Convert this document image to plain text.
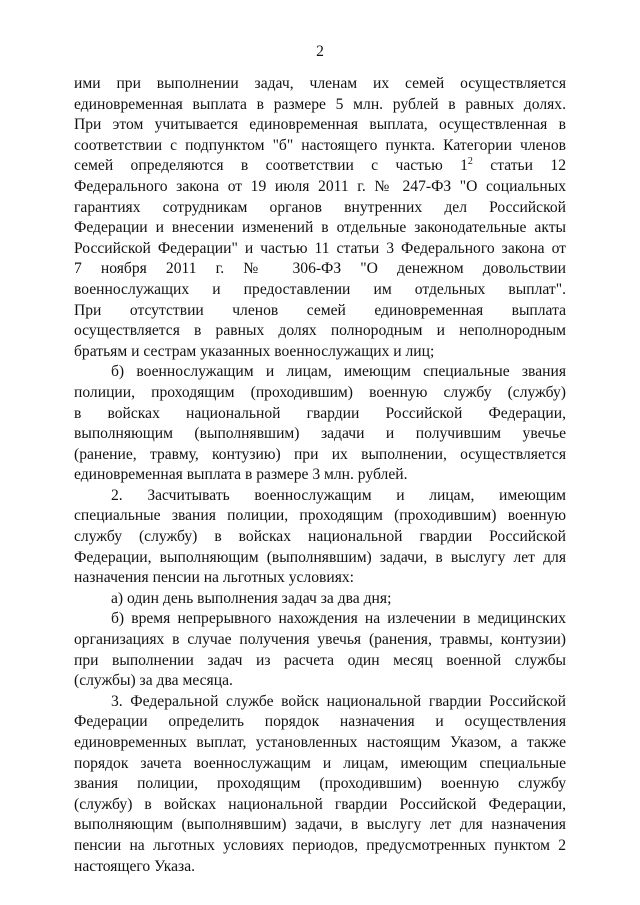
2
ими при выполнении задач, членам их семей осуществляется
единовременная выплата в размере 5 млн. рублей в равных долях.
При этом учитывается единовременная выплата, осуществленная в
соответствии с подпунктом "б" настоящего пункта. Категории членов
семей определяются в соответствии с частью $1^2$ статьи 12
Федерального закона от 19 июля 2011 г. № 247-ФЗ "О социальных
гарантиях сотрудникам органов внутренних дел Российской
Федерации и внесении изменений в отдельные законодательные акты
Российской Федерации" и частью 11 статьи 3 Федерального закона от
7 ноября 2011 г. № 306-ФЗ "О денежном довольствии
военнослужащих и предоставлении им отдельных выплат".
При отсутствии членов семей единовременная выплата
осуществляется в равных долях полнородным и неполнородным
братьям и сестрам указанных военнослужащих и лиц;
б) военнослужащим и лицам, имеющим специальные звания
полиции, проходящим (проходившим) военную службу (службу)
в войсках национальной гвардии Российской Федерации,
выполняющим (выполнявшим) задачи и получившим увечье
(ранение, травму, контузию) при их выполнении, осуществляется
единовременная выплата в размере 3 млн. рублей.
2. Засчитывать военнослужащим и лицам, имеющим
специальные звания полиции, проходящим (проходившим) военную
службу (службу) в войсках национальной гвардии Российской
Федерации, выполняющим (выполнявшим) задачи, в выслугу лет для
назначения пенсии на льготных условиях:
а) один день выполнения задач за два дня;
б) время непрерывного нахождения на излечении в медицинских
организациях в случае получения увечья (ранения, травмы, контузии)
при выполнении задач из расчета один месяц военной службы
(службы) за два месяца.
3. Федеральной службе войск национальной гвардии Российской
Федерации определить порядок назначения и осуществления
единовременных выплат, установленных настоящим Указом, а также
порядок зачета военнослужащим и лицам, имеющим специальные
звания полиции, проходящим (проходившим) военную службу
(службу) в войсках национальной гвардии Российской Федерации,
выполняющим (выполнявшим) задачи, в выслугу лет для назначения
пенсии на льготных условиях периодов, предусмотренных пунктом 2
настоящего Указа.
